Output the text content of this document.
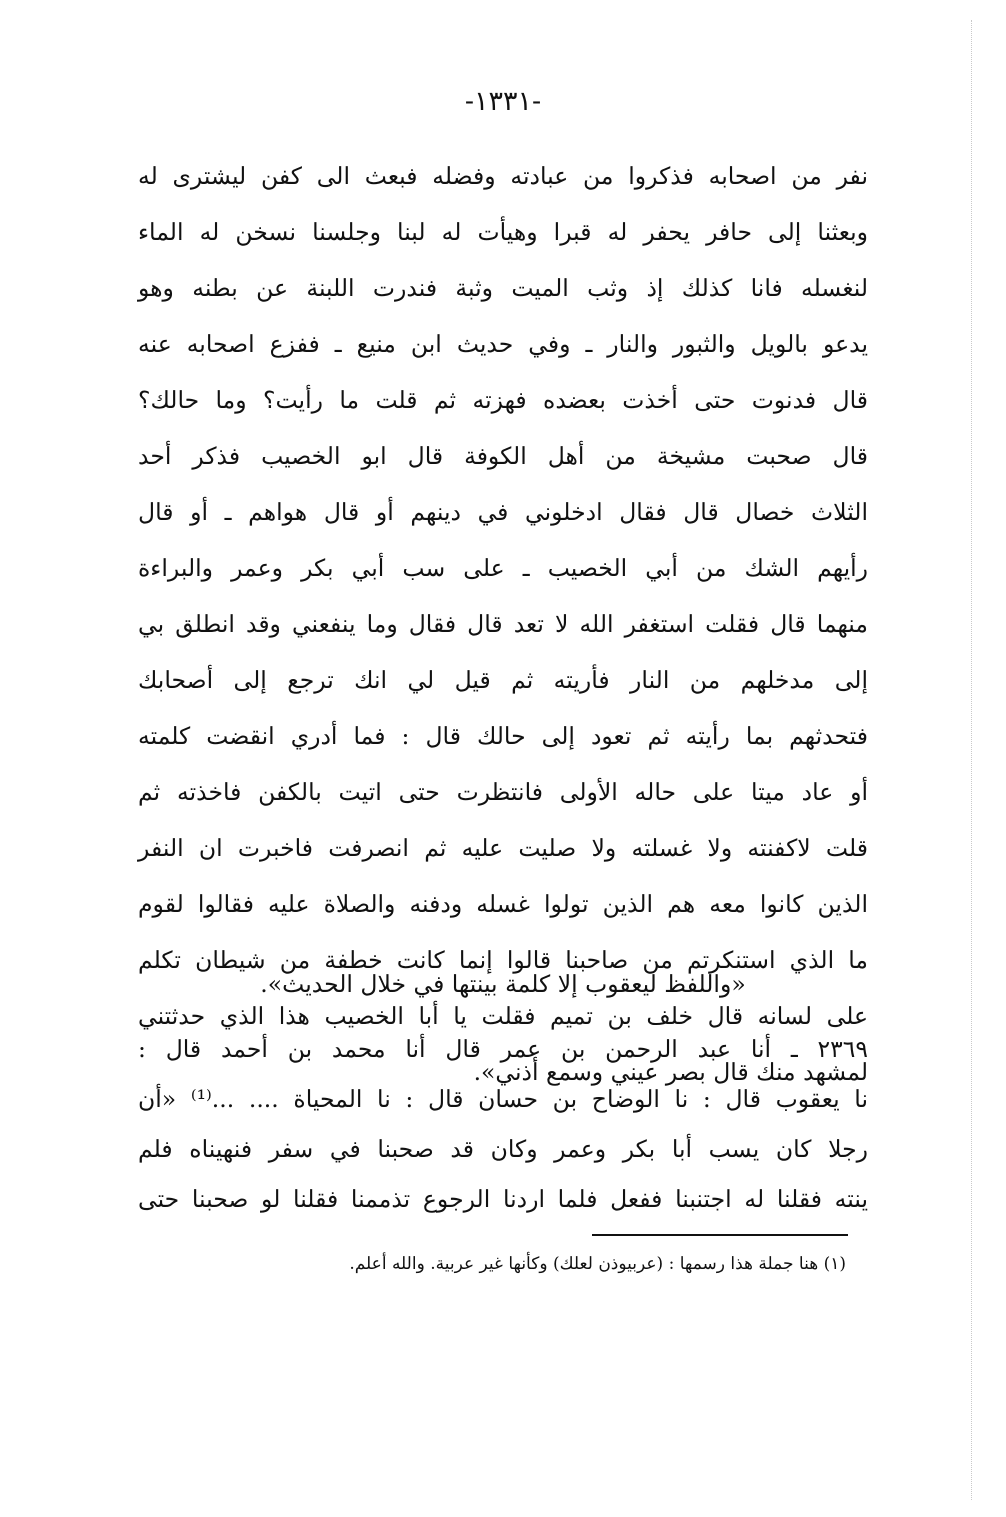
-١٣٣١-
نفر من اصحابه فذكروا من عبادته وفضله فبعث الى كفن ليشترى له
وبعثنا إلى حافر يحفر له قبرا وهيأت له لبنا وجلسنا نسخن له الماء
لنغسله فانا كذلك إذ وثب الميت وثبة فندرت اللبنة عن بطنه وهو
يدعو بالويل والثبور والنار ـ وفي حديث ابن منيع ـ ففزع اصحابه عنه
قال فدنوت حتى أخذت بعضده فهزته ثم قلت ما رأيت؟ وما حالك؟
قال صحبت مشيخة من أهل الكوفة قال ابو الخصيب فذكر أحد
الثلاث خصال قال فقال ادخلوني في دينهم أو قال هواهم ـ أو قال
رأيهم الشك من أبي الخصيب ـ على سب أبي بكر وعمر والبراءة
منهما قال فقلت استغفر الله لا تعد قال فقال وما ينفعني وقد انطلق بي
إلى مدخلهم من النار فأريته ثم قيل لي انك ترجع إلى أصحابك
فتحدثهم بما رأيته ثم تعود إلى حالك قال : فما أدري انقضت كلمته
أو عاد ميتا على حاله الأولى فانتظرت حتى اتيت بالكفن فاخذته ثم
قلت لاكفنته ولا غسلته ولا صليت عليه ثم انصرفت فاخبرت ان النفر
الذين كانوا معه هم الذين تولوا غسله ودفنه والصلاة عليه فقالوا لقوم
ما الذي استنكرتم من صاحبنا قالوا إنما كانت خطفة من شيطان تكلم
على لسانه قال خلف بن تميم فقلت يا أبا الخصيب هذا الذي حدثتني
لمشهد منك قال بصر عيني وسمع أذني».
«واللفظ ليعقوب إلا كلمة بينتها في خلال الحديث».
٢٣٦٩ ـ أنا عبد الرحمن بن عمر قال أنا محمد بن أحمد قال :
نا يعقوب قال : نا الوضاح بن حسان قال : نا المحياة .... ...⁽¹⁾ «أن
رجلا كان يسب أبا بكر وعمر وكان قد صحبنا في سفر فنهيناه فلم
ينته فقلنا له اجتنبنا ففعل فلما اردنا الرجوع تذممنا فقلنا لو صحبنا حتى
(١) هنا جملة هذا رسمها : (عربيوذن لعلك) وكأنها غير عربية. والله أعلم.
